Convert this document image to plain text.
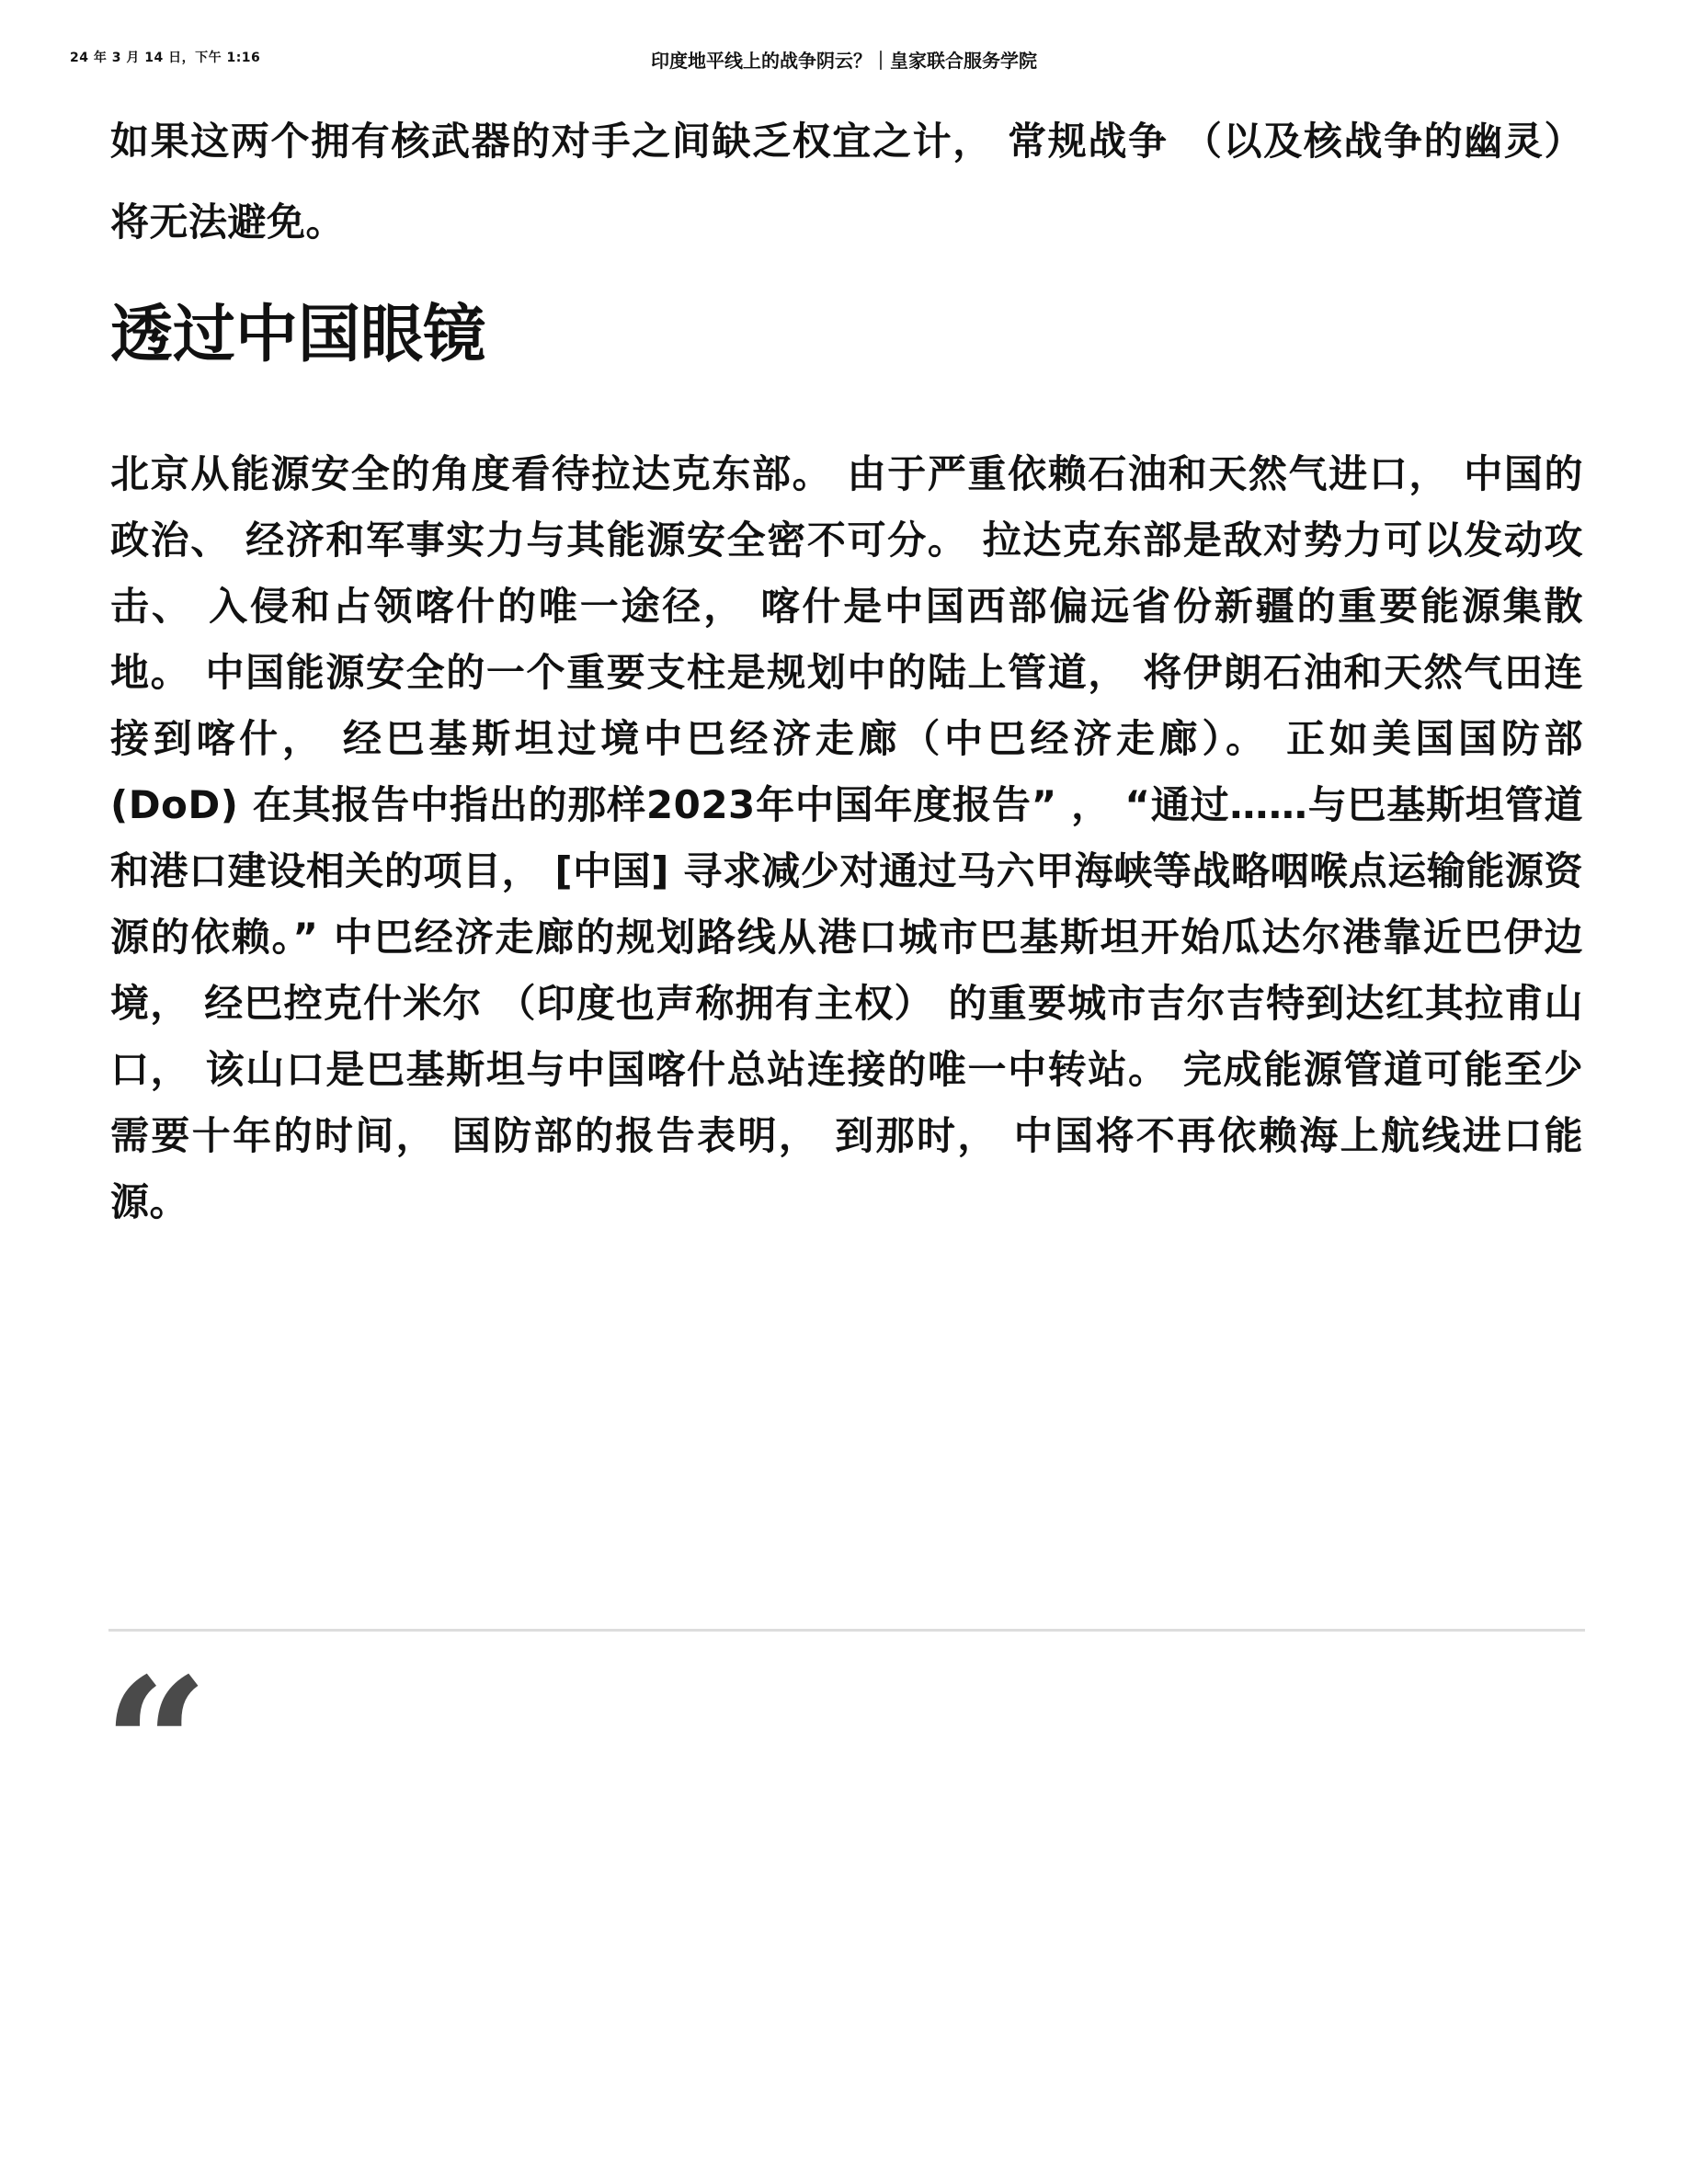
24 年 3 月 14 日，下午 1:16	印度地平线上的战争阴云？｜皇家联合服务学院

如果这两个拥有核武器的对手之间缺乏权宜之计， 常规战争 （以及核战争的幽灵） 将无法避免。

透过中国眼镜

北京从能源安全的角度看待拉达克东部。 由于严重依赖石油和天然气进口， 中国的政治、 经济和军事实力与其能源安全密不可分。 拉达克东部是敌对势力可以发动攻击、 入侵和占领喀什的唯一途径， 喀什是中国西部偏远省份新疆的重要能源集散地。 中国能源安全的一个重要支柱是规划中的陆上管道， 将伊朗石油和天然气田连接到喀什， 经巴基斯坦过境中巴经济走廊（中巴经济走廊）。 正如美国国防部 (DoD) 在其报告中指出的那样2023年中国年度报告” ， “通过……与巴基斯坦管道和港口建设相关的项目， [中国] 寻求减少对通过马六甲海峡等战略咽喉点运输能源资源的依赖。” 中巴经济走廊的规划路线从港口城市巴基斯坦开始瓜达尔港靠近巴伊边境， 经巴控克什米尔 （印度也声称拥有主权） 的重要城市吉尔吉特到达红其拉甫山口， 该山口是巴基斯坦与中国喀什总站连接的唯一中转站。 完成能源管道可能至少需要十年的时间， 国防部的报告表明， 到那时， 中国将不再依赖海上航线进口能源。

“
